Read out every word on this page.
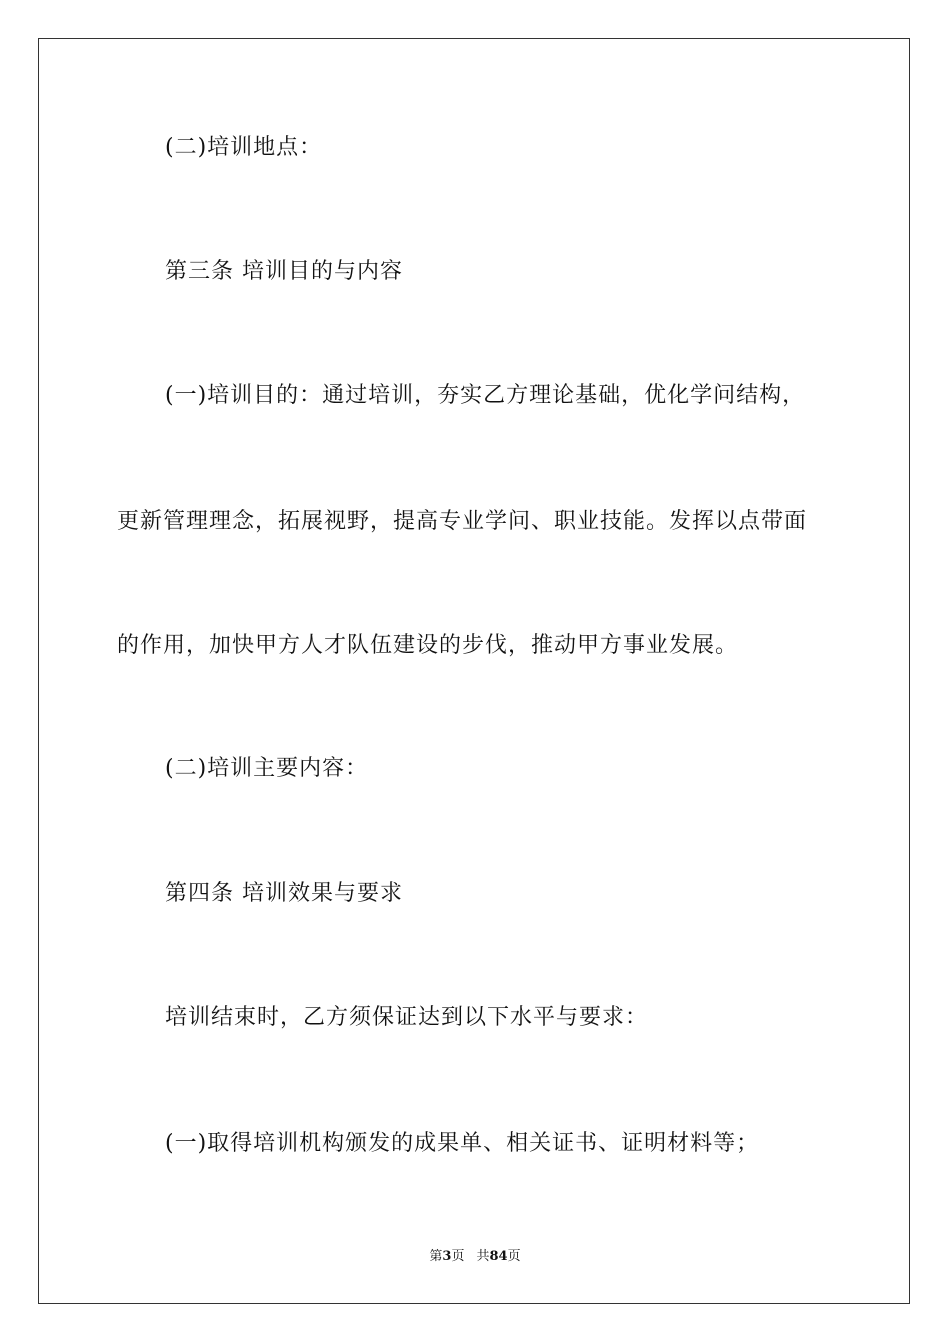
(二)培训地点：
第三条 培训目的与内容
(一)培训目的：通过培训，夯实乙方理论基础，优化学问结构，
更新管理理念，拓展视野，提高专业学问、职业技能。发挥以点带面
的作用，加快甲方人才队伍建设的步伐，推动甲方事业发展。
(二)培训主要内容：
第四条 培训效果与要求
培训结束时，乙方须保证达到以下水平与要求：
(一)取得培训机构颁发的成果单、相关证书、证明材料等；
第3页 共84页
